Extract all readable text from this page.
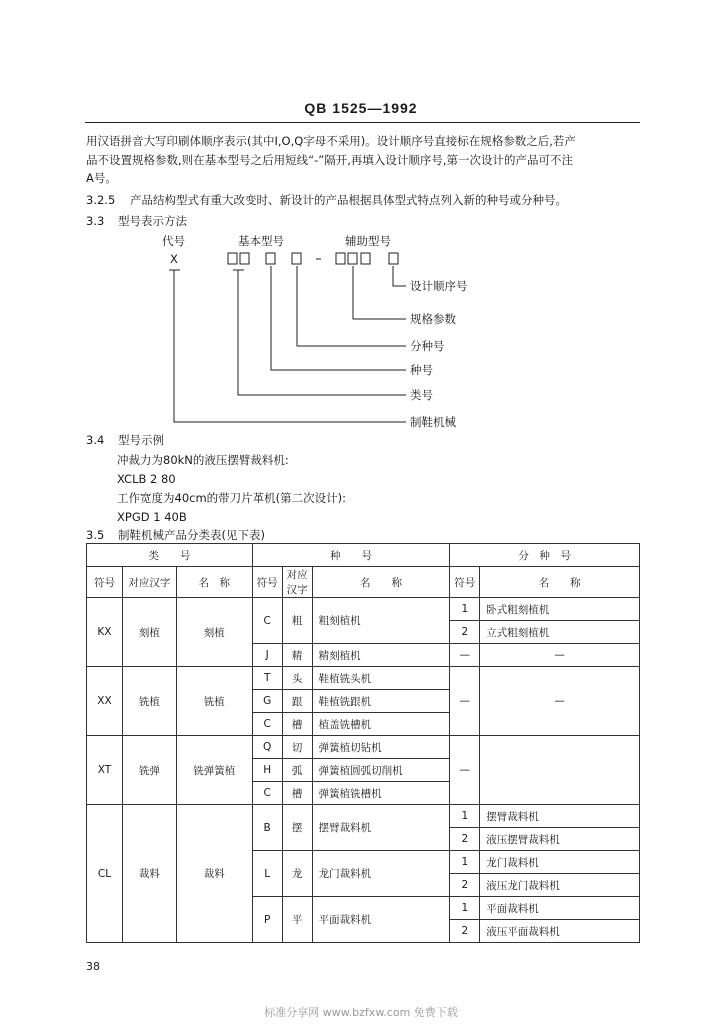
QB 1525—1992
用汉语拼音大写印刷体顺序表示(其中I,O,Q字母不采用)。设计顺序号直接标在规格参数之后,若产
品不设置规格参数,则在基本型号之后用短线“-”隔开,再填入设计顺序号,第一次设计的产品可不注
A号。
3.2.5 产品结构型式有重大改变时、新设计的产品根据具体型式特点列入新的种号或分种号。
3.3 型号表示方法
代号	基本型号	辅助型号
X
设计顺序号
规格参数
分种号
种号
类号
制鞋机械
3.4 型号示例
冲裁力为80kN的液压摆臂裁料机:
XCLB 2 80
工作宽度为40cm的带刀片革机(第二次设计):
XPGD 1 40B
3.5 制鞋机械产品分类表(见下表)
类　　号			种　　号			分　种　号	
符号	对应汉字	名　称	符号	对应汉字	名　　称	符号	名　　称
KX	刻植	刻植	C	粗	粗刻植机	1	卧式粗刻植机
						2	立式粗刻植机
			J	精	精刻植机	—	—
XX	铣植	铣植	T	头	鞋植铣头机	—	—
			G	跟	鞋植铣跟机		
			C	槽	植盖铣槽机		
XT	铣弹	铣弹簧植	Q	切	弹簧植切钻机	—	
			H	弧	弹簧植圆弧切削机		
			C	槽	弹簧植铣槽机		
CL	裁料	裁料	B	摆	摆臂裁料机	1	摆臂裁料机
						2	液压摆臂裁料机
			L	龙	龙门裁料机	1	龙门裁料机
						2	液压龙门裁料机
			P	平	平面裁料机	1	平面裁料机
						2	液压平面裁料机
38
标准分享网 www.bzfxw.com 免费下载
